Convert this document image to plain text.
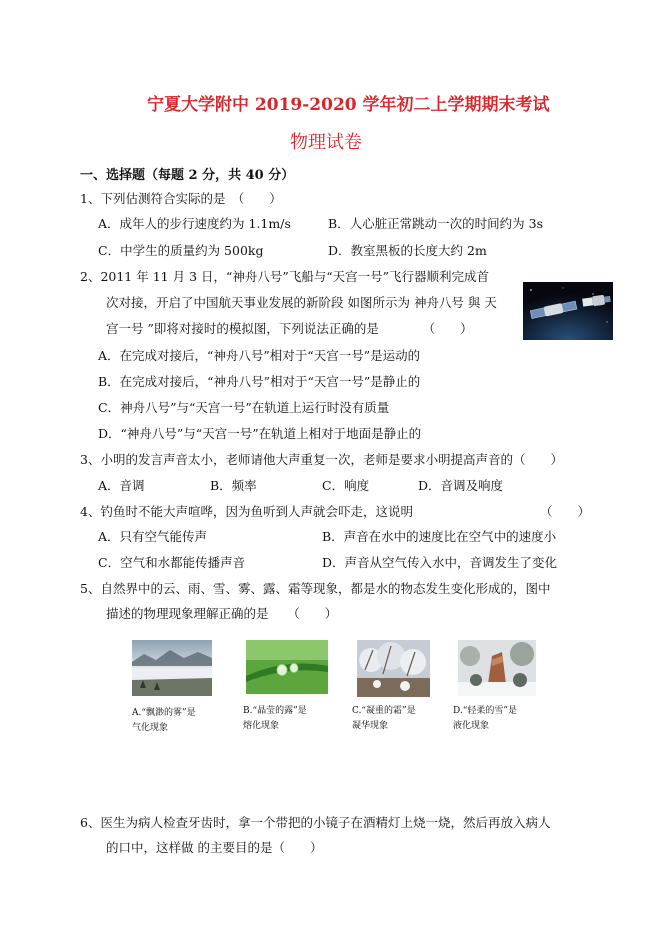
宁夏大学附中 2019-2020 学年初二上学期期末考试
物理试卷
一、选择题（每题 2 分，共 40 分）
1、下列估测符合实际的是　（　　）
A．成年人的步行速度约为 1.1m/s	B．人心脏正常跳动一次的时间约为 3s
C．中学生的质量约为 500kg	D．教室黑板的长度大约 2m
2、2011 年 11 月 3 日，“神舟八号”飞船与“天宫一号”飞行器顺利完成首
次对接，开启了中国航天事业发展的新阶段 如图所示为 神舟八号 與 天
宫一号 ”即将对接时的模拟图，下列说法正确的是　　　　（　　）
A．在完成对接后，“神舟八号”相对于“天宫一号”是运动的
B．在完成对接后，“神舟八号”相对于“天宫一号”是静止的
C．神舟八号”与“天宫一号”在轨道上运行时没有质量
D．“神舟八号”与“天宫一号”在轨道上相对于地面是静止的
3、小明的发言声音太小，老师请他大声重复一次，老师是要求小明提高声音的（　　）
A．音调	B．频率	C．响度	D．音调及响度
4、钓鱼时不能大声喧哗，因为鱼听到人声就会吓走，这说明	（　　）
A．只有空气能传声	B．声音在水中的速度比在空气中的速度小
C．空气和水都能传播声音	D．声音从空气传入水中，音调发生了变化
5、自然界中的云、雨、雪、雾、露、霜等现象，都是水的物态发生变化形成的，图中
描述的物理现象理解正确的是　　（　　）
A.“飘渺的雾”是
气化现象
B.“晶莹的露”是
熔化现象
C.“凝重的霜”是
凝华现象
D.“轻柔的雪”是
液化现象
6、医生为病人检查牙齿时，拿一个带把的小镜子在酒精灯上烧一烧，然后再放入病人
的口中，这样做 的主要目的是（　　）
